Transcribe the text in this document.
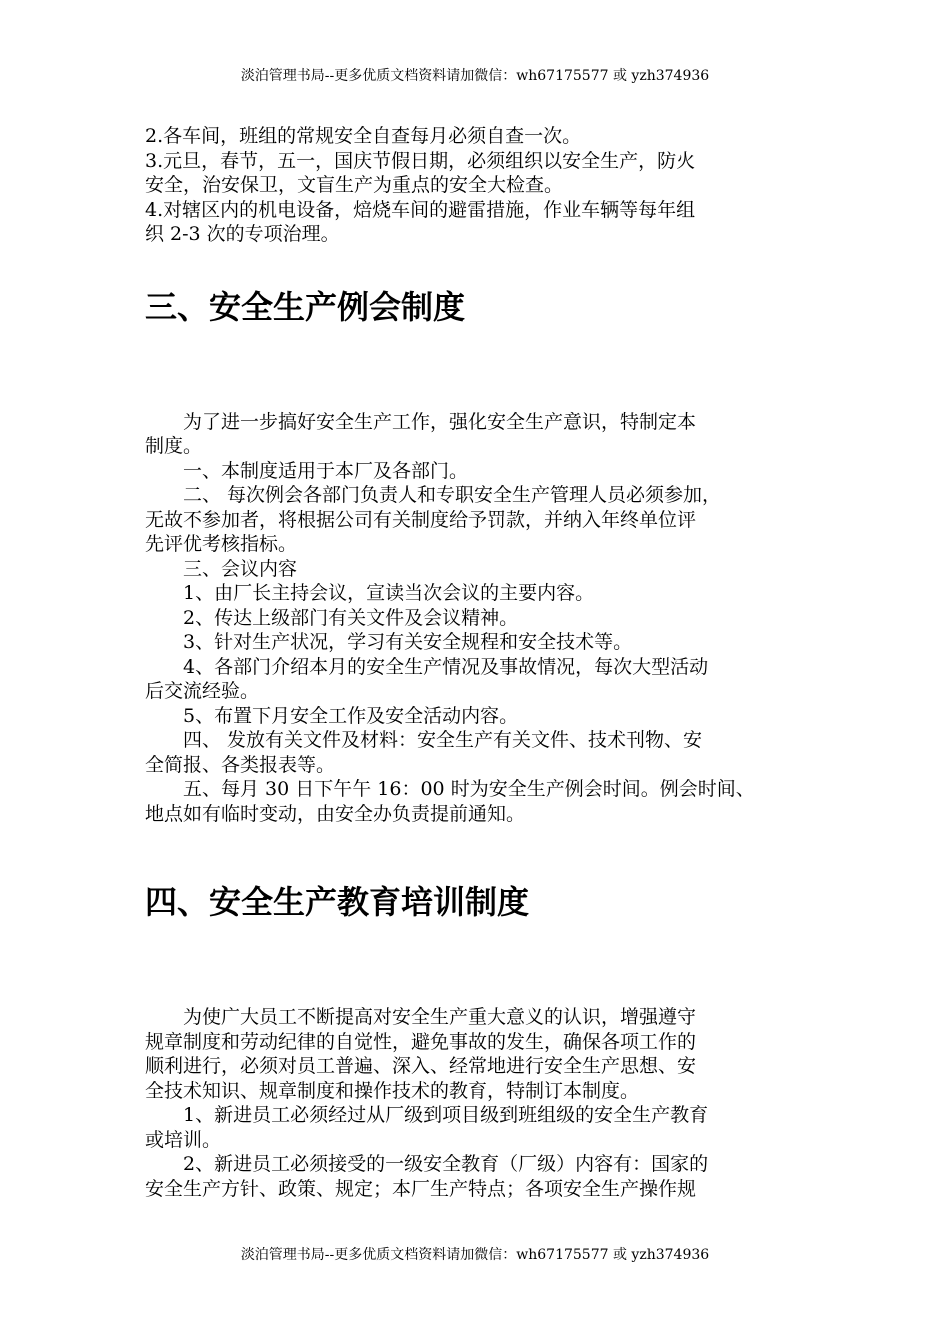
淡泊管理书局--更多优质文档资料请加微信：wh67175577 或 yzh374936

2.各车间，班组的常规安全自查每月必须自查一次。

3.元旦，春节，五一，国庆节假日期，必须组织以安全生产，防火

安全，治安保卫，文盲生产为重点的安全大检查。

4.对辖区内的机电设备，焙烧车间的避雷措施，作业车辆等每年组

织 2-3 次的专项治理。

三、安全生产例会制度

为了进一步搞好安全生产工作，强化安全生产意识，特制定本

制度。

一、本制度适用于本厂及各部门。

二、 每次例会各部门负责人和专职安全生产管理人员必须参加，

无故不参加者，将根据公司有关制度给予罚款，并纳入年终单位评

先评优考核指标。

三、会议内容

1、由厂长主持会议，宣读当次会议的主要内容。

2、传达上级部门有关文件及会议精神。

3、针对生产状况，学习有关安全规程和安全技术等。

4、各部门介绍本月的安全生产情况及事故情况，每次大型活动

后交流经验。

5、布置下月安全工作及安全活动内容。

四、 发放有关文件及材料：安全生产有关文件、技术刊物、安

全简报、各类报表等。

五、每月 30 日下午午 16：00 时为安全生产例会时间。例会时间、

地点如有临时变动，由安全办负责提前通知。

四、安全生产教育培训制度

为使广大员工不断提高对安全生产重大意义的认识，增强遵守

规章制度和劳动纪律的自觉性，避免事故的发生，确保各项工作的

顺利进行，必须对员工普遍、深入、经常地进行安全生产思想、安

全技术知识、规章制度和操作技术的教育，特制订本制度。

1、新进员工必须经过从厂级到项目级到班组级的安全生产教育

或培训。

2、新进员工必须接受的一级安全教育（厂级）内容有：国家的

安全生产方针、政策、规定；本厂生产特点；各项安全生产操作规

淡泊管理书局--更多优质文档资料请加微信：wh67175577 或 yzh374936
